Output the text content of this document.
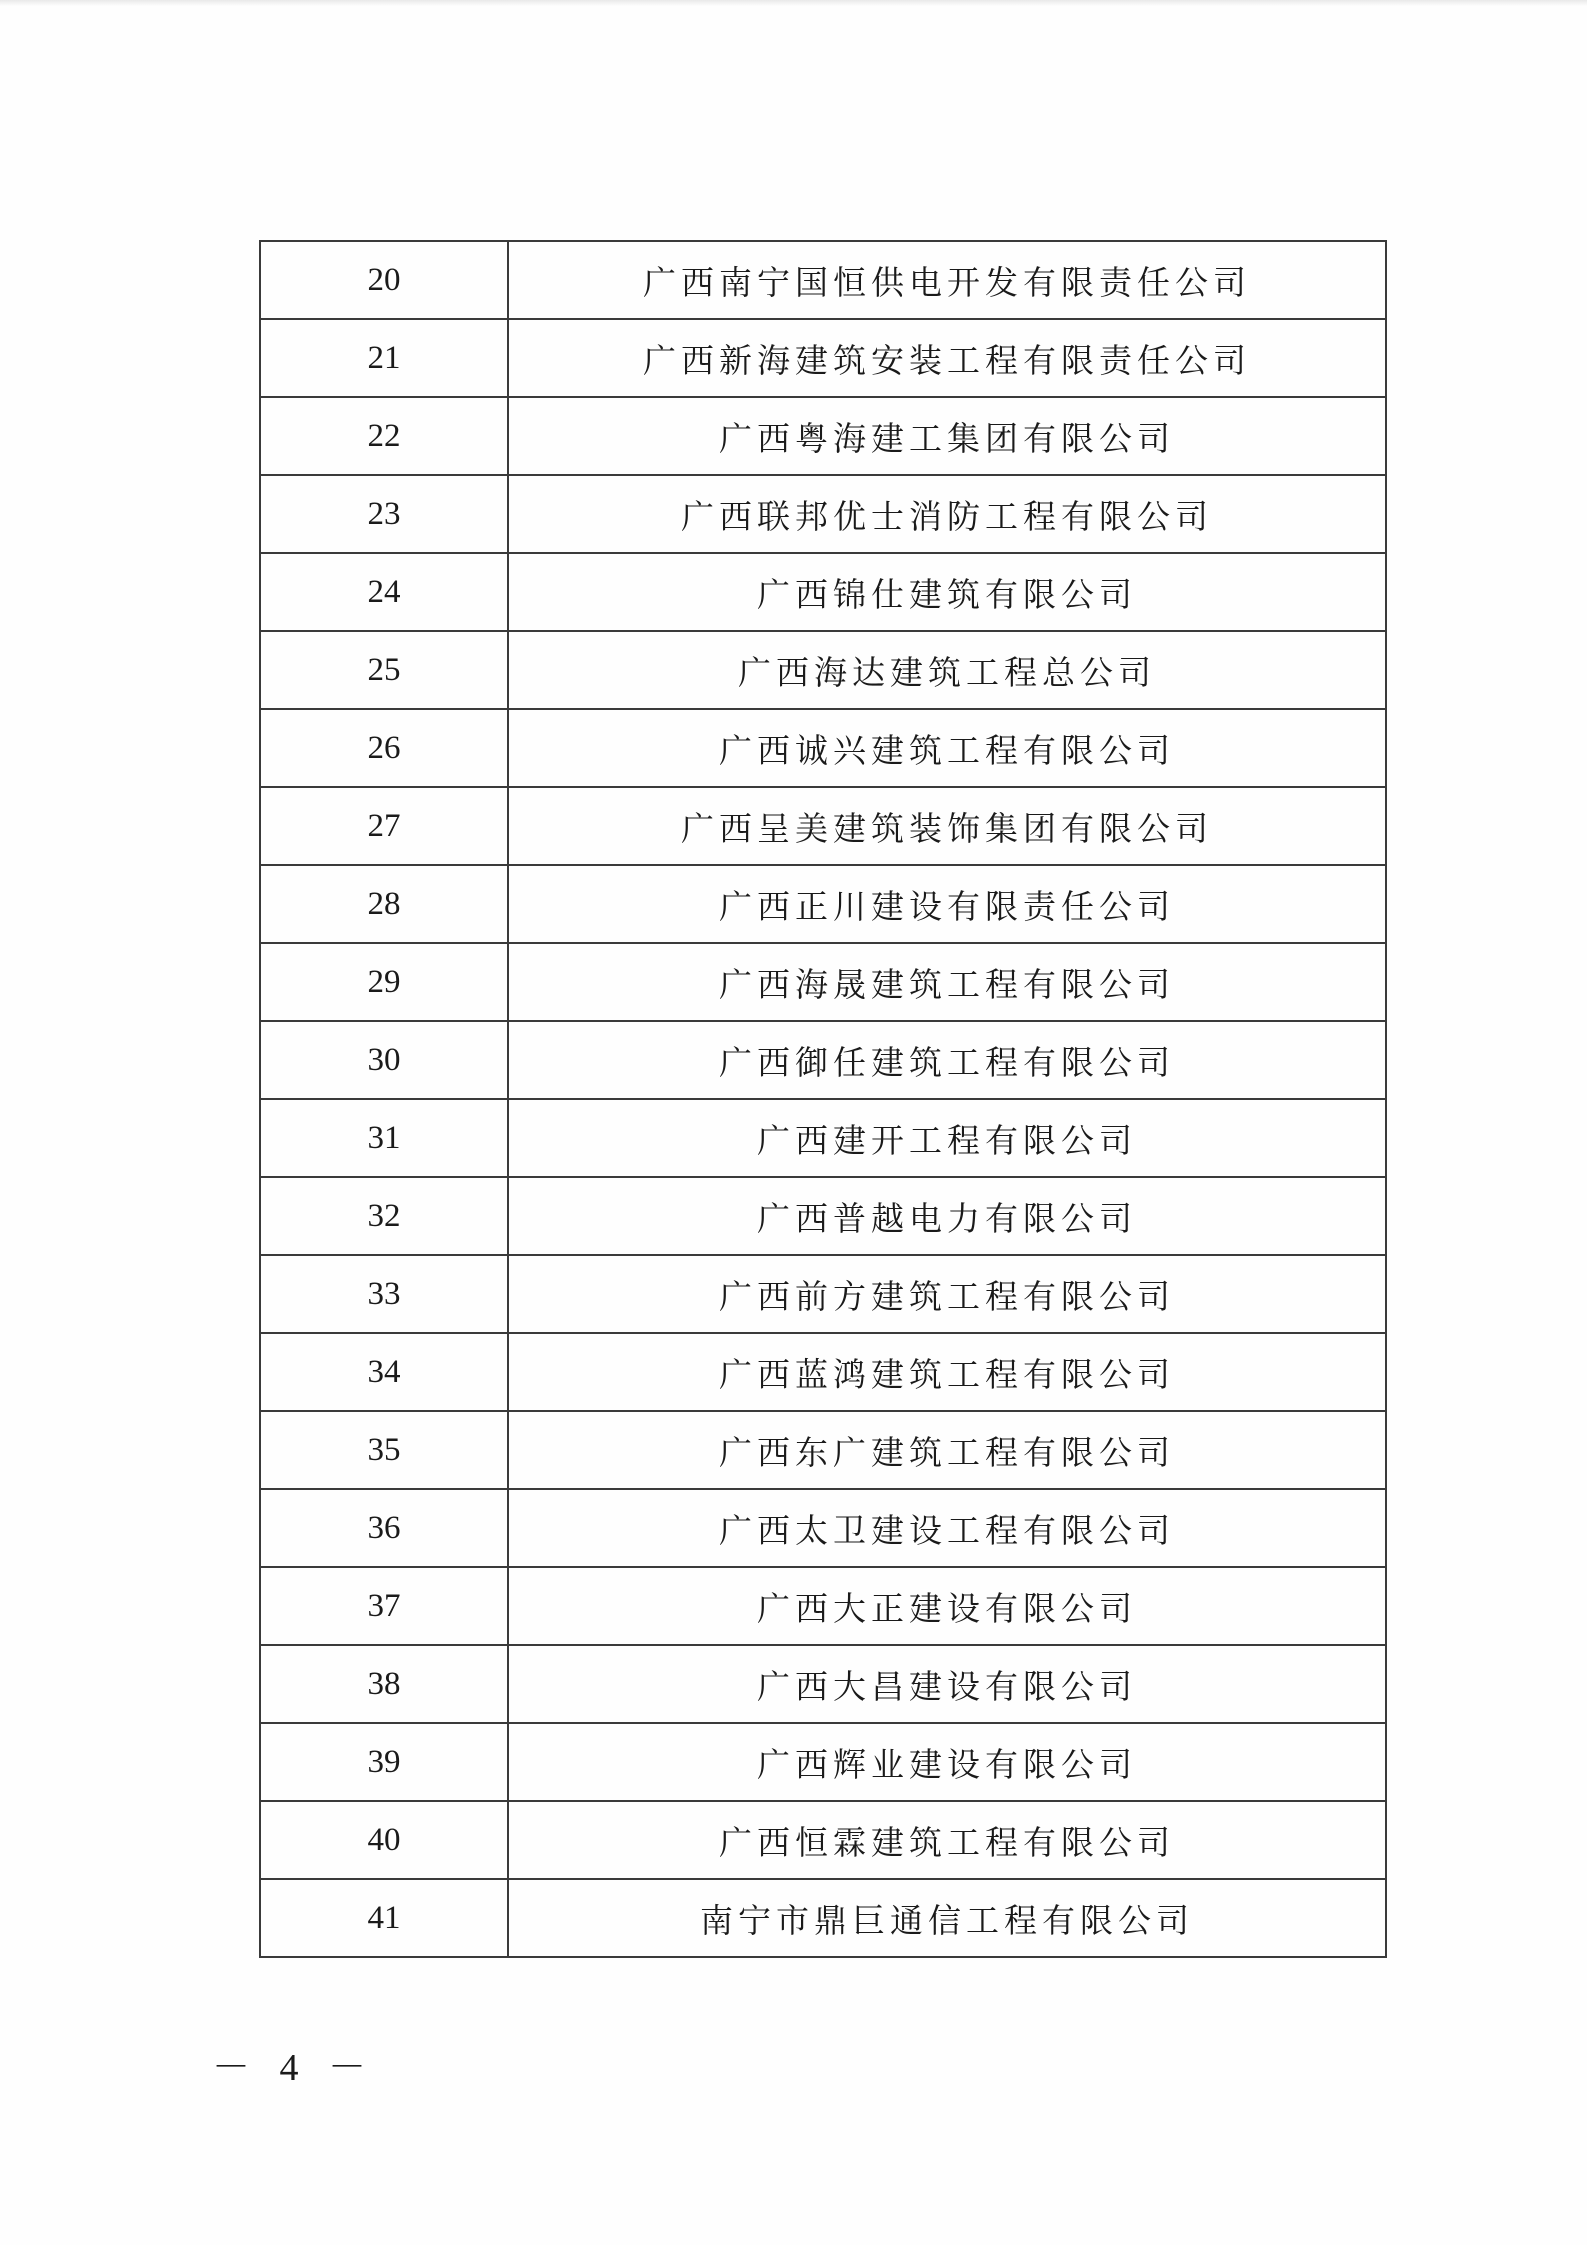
20	广西南宁国恒供电开发有限责任公司
21	广西新海建筑安装工程有限责任公司
22	广西粤海建工集团有限公司
23	广西联邦优士消防工程有限公司
24	广西锦仕建筑有限公司
25	广西海达建筑工程总公司
26	广西诚兴建筑工程有限公司
27	广西呈美建筑装饰集团有限公司
28	广西正川建设有限责任公司
29	广西海晟建筑工程有限公司
30	广西御任建筑工程有限公司
31	广西建开工程有限公司
32	广西普越电力有限公司
33	广西前方建筑工程有限公司
34	广西蓝鸿建筑工程有限公司
35	广西东广建筑工程有限公司
36	广西太卫建设工程有限公司
37	广西大正建设有限公司
38	广西大昌建设有限公司
39	广西辉业建设有限公司
40	广西恒霖建筑工程有限公司
41	南宁市鼎巨通信工程有限公司
－ 4 －
